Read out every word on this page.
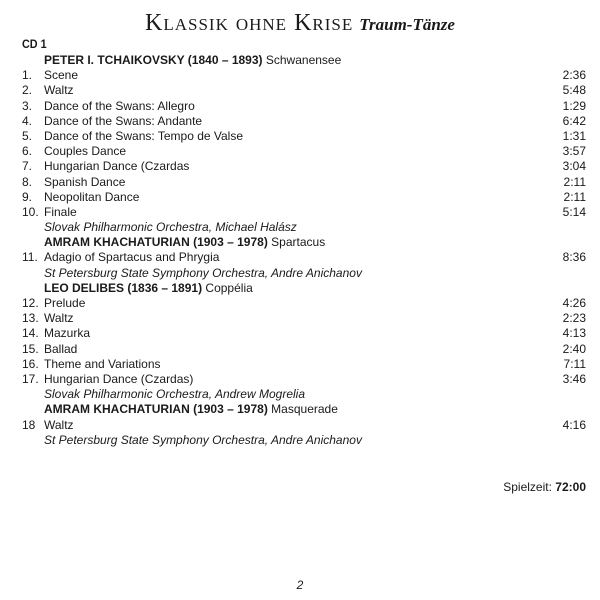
Klassik ohne Krise Traum-Tänze
CD 1
PETER I. TCHAIKOVSKY (1840 – 1893) Schwanensee
1. Scene	2:36
2. Waltz	5:48
3. Dance of the Swans: Allegro	1:29
4. Dance of the Swans: Andante	6:42
5. Dance of the Swans: Tempo de Valse	1:31
6. Couples Dance	3:57
7. Hungarian Dance (Czardas	3:04
8. Spanish Dance	2:11
9. Neopolitan Dance	2:11
10. Finale	5:14
Slovak Philharmonic Orchestra, Michael Halász
AMRAM KHACHATURIAN (1903 – 1978) Spartacus
11. Adagio of Spartacus and Phrygia	8:36
St Petersburg State Symphony Orchestra, Andre Anichanov
LEO DELIBES (1836 – 1891) Coppélia
12. Prelude	4:26
13. Waltz	2:23
14. Mazurka	4:13
15. Ballad	2:40
16. Theme and Variations	7:11
17. Hungarian Dance (Czardas)	3:46
Slovak Philharmonic Orchestra, Andrew Mogrelia
AMRAM KHACHATURIAN (1903 – 1978) Masquerade
18 Waltz	4:16
St Petersburg State Symphony Orchestra, Andre Anichanov
Spielzeit: 72:00
2
